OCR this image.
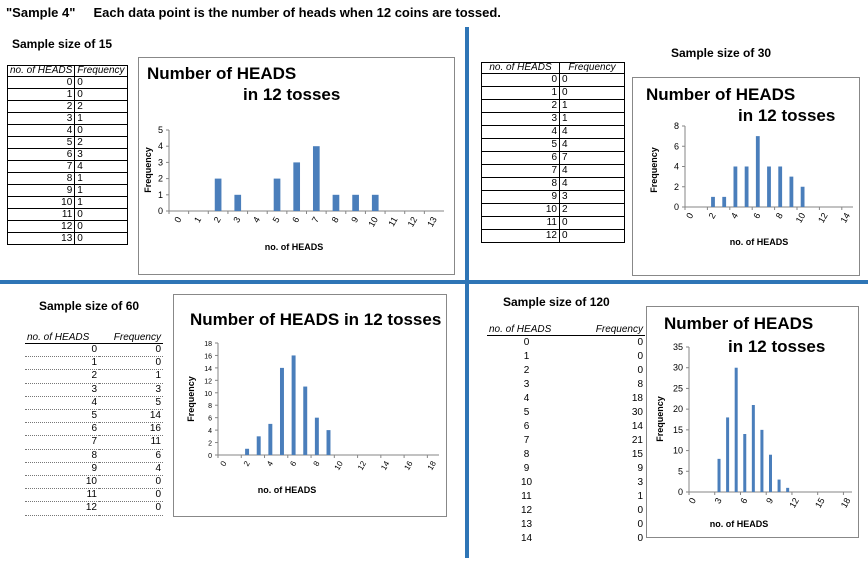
"Sample 4"     Each data point is the number of heads when 12 coins are tossed.
Sample size of 15
no. of HEADS	Frequency
0	0
1	0
2	2
3	1
4	0
5	2
6	3
7	4
8	1
9	1
10	1
11	0
12	0
13	0
Number of HEADS
in 12 tosses
0
1
2
3
4
5
0 1 2 3 4 5 6 7 8 9 10 11 12 13
Frequency
no. of HEADS
Sample size of 30
no. of HEADS	Frequency
0	0
1	0
2	1
3	1
4	4
5	4
6	7
7	4
8	4
9	3
10	2
11	0
12	0
Number of HEADS
in 12 tosses
0
2
4
6
8
0 2 4 6 8 10 12 14
Frequency
no. of HEADS
Sample size of 60
no. of HEADS	Frequency
0	0
1	0
2	1
3	3
4	5
5	14
6	16
7	11
8	6
9	4
10	0
11	0
12	0
Number of HEADS in 12 tosses
0
2
4
6
8
10
12
14
16
18
0 2 4 6 8 10 12 14 16 18
Frequency
no. of HEADS
Sample size of 120
no. of HEADS	Frequency
0	0
1	0
2	0
3	8
4	18
5	30
6	14
7	21
8	15
9	9
10	3
11	1
12	0
13	0
14	0
Number of HEADS
in 12 tosses
0
5
10
15
20
25
30
35
0 3 6 9 12 15 18
Frequency
no. of HEADS
